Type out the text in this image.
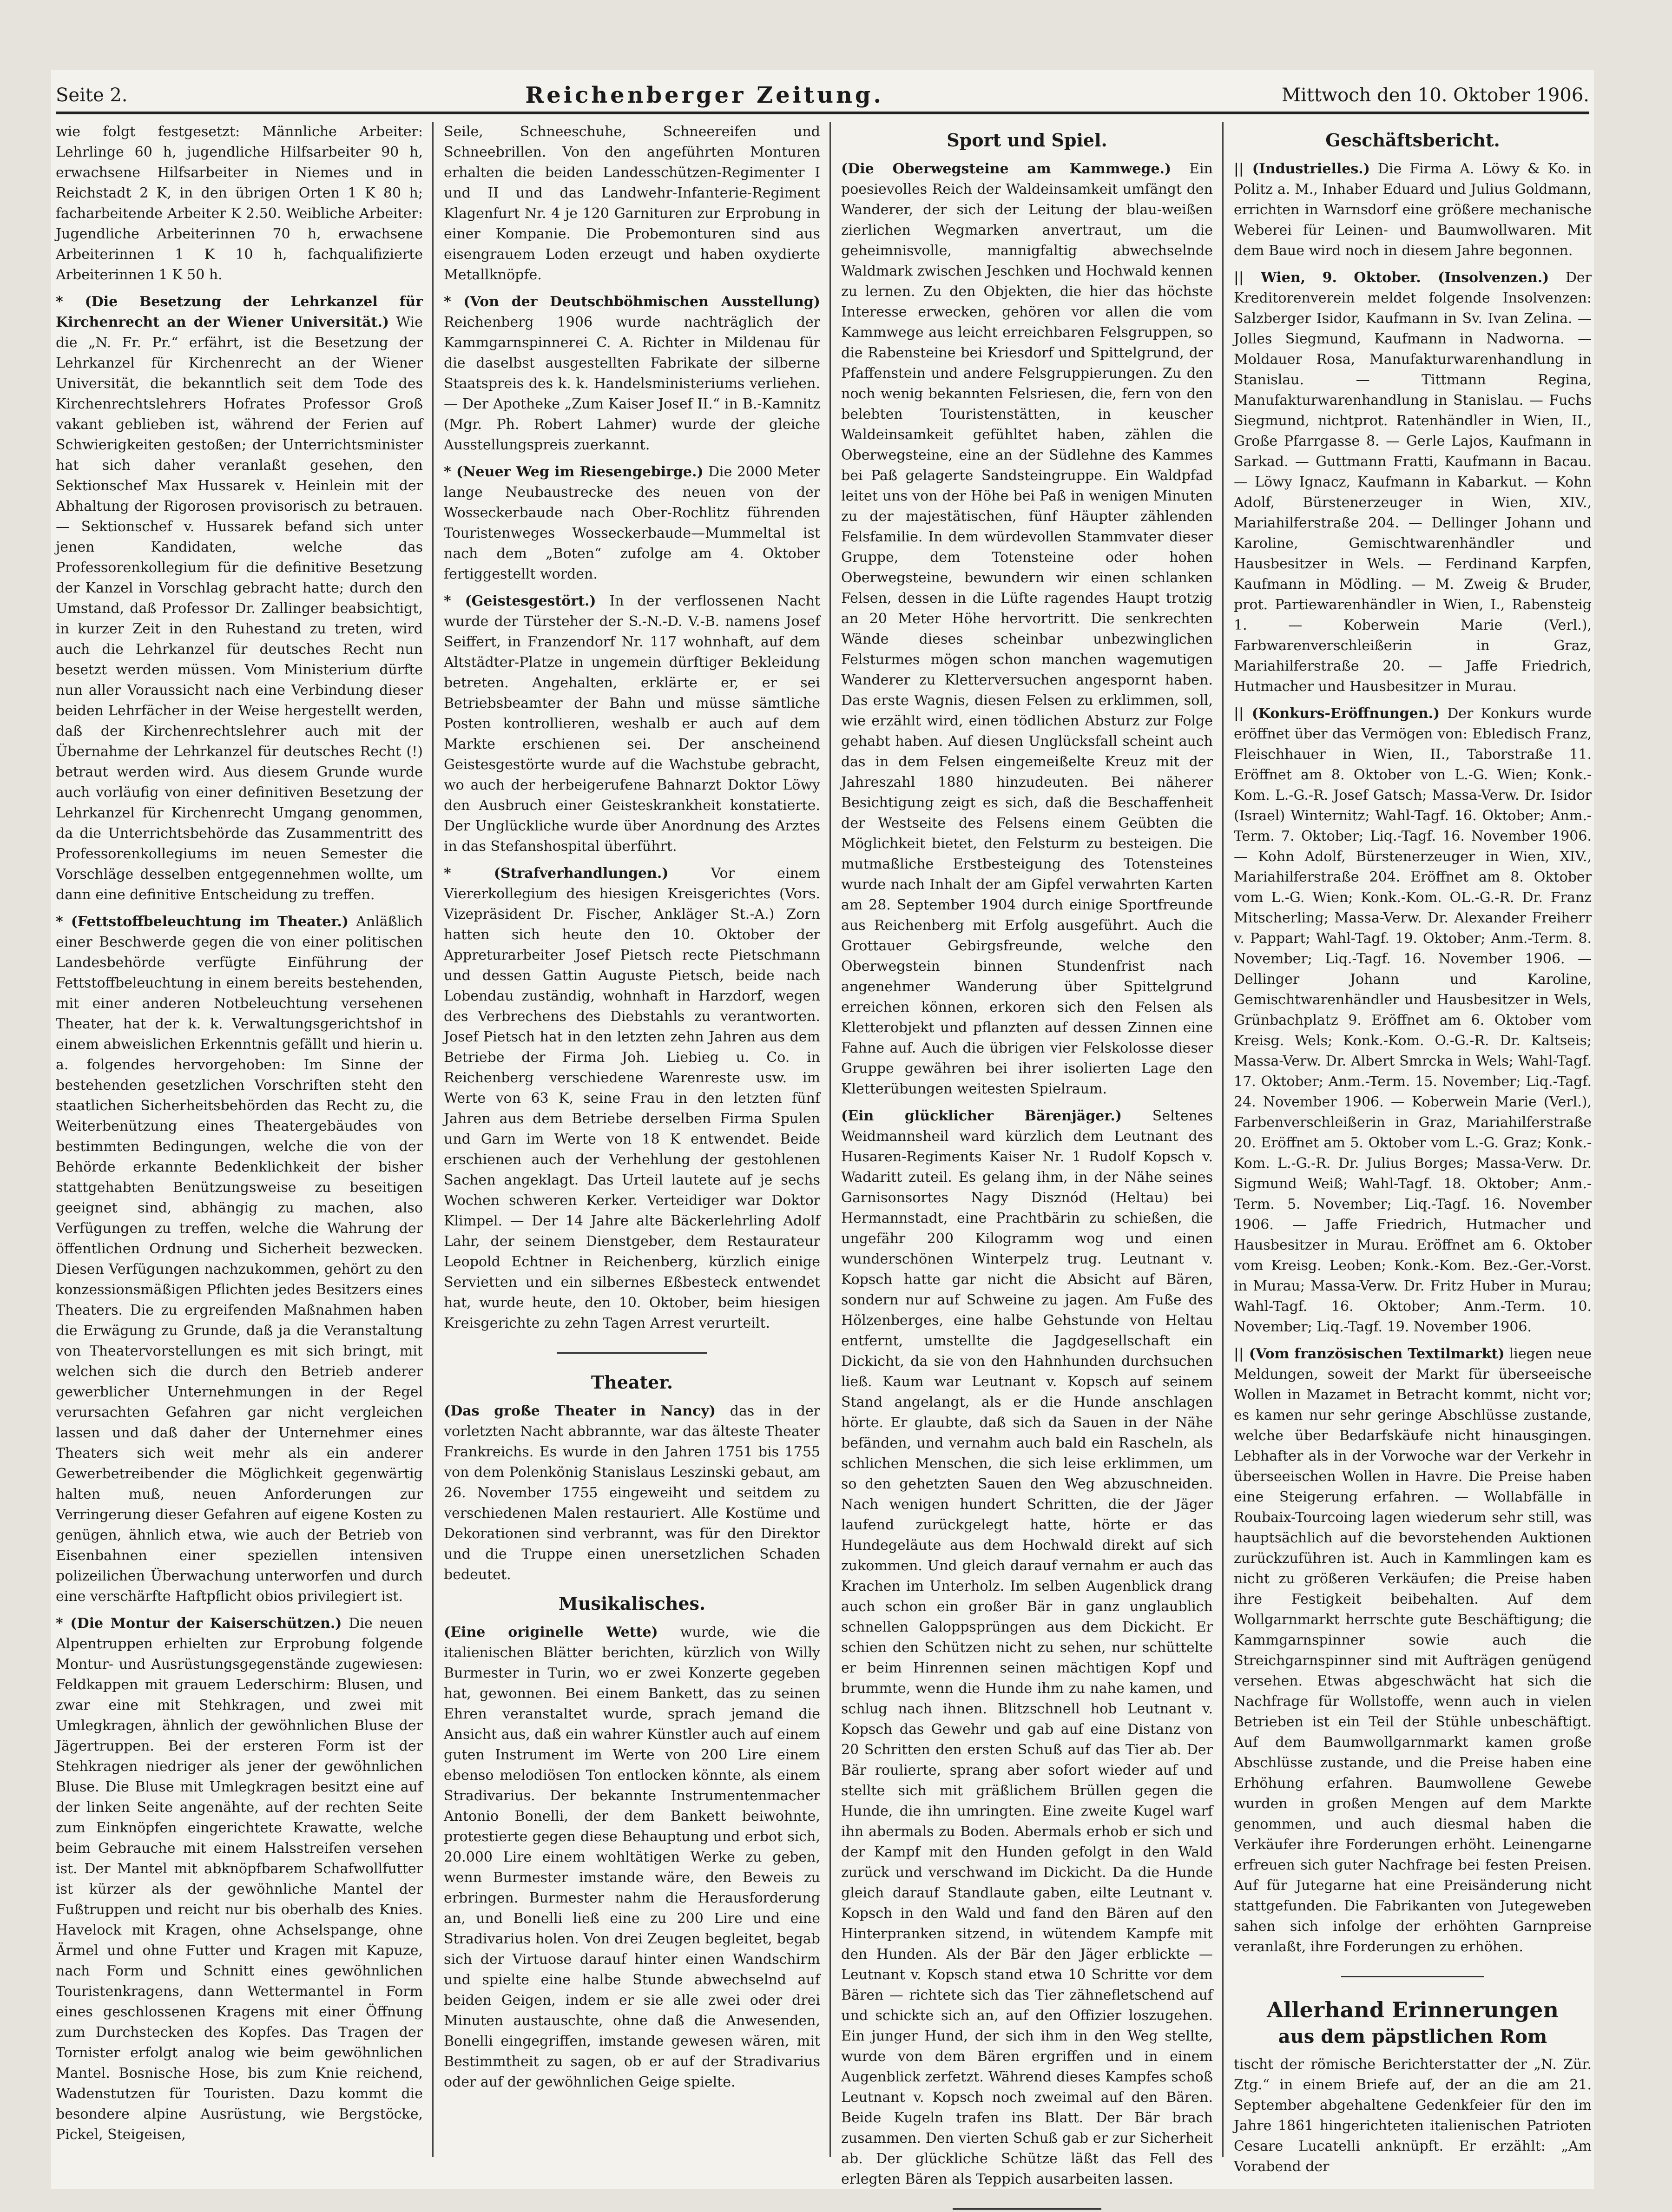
Seite 2.	Reichenberger Zeitung.	Mittwoch den 10. Oktober 1906.

wie folgt festgesetzt: Männliche Arbeiter: Lehrlinge 60 h, jugendliche Hilfsarbeiter 90 h, erwachsene Hilfsarbeiter in Niemes und in Reichstadt 2 K, in den übrigen Orten 1 K 80 h; facharbeitende Arbeiter K 2.50. Weibliche Arbeiter: Jugendliche Arbeiterinnen 70 h, erwachsene Arbeiterinnen 1 K 10 h, fachqualifizierte Arbeiterinnen 1 K 50 h.

* (Die Besetzung der Lehrkanzel für Kirchenrecht an der Wiener Universität.) Wie die „N. Fr. Pr.“ erfährt, ist die Besetzung der Lehrkanzel für Kirchenrecht an der Wiener Universität, die bekanntlich seit dem Tode des Kirchenrechtslehrers Hofrates Professor Groß vakant geblieben ist, während der Ferien auf Schwierigkeiten gestoßen; der Unterrichtsminister hat sich daher veranlaßt gesehen, den Sektionschef Max Hussarek v. Heinlein mit der Abhaltung der Rigorosen provisorisch zu betrauen. — Sektionschef v. Hussarek befand sich unter jenen Kandidaten, welche das Professorenkollegium für die definitive Besetzung der Kanzel in Vorschlag gebracht hatte; durch den Umstand, daß Professor Dr. Zallinger beabsichtigt, in kurzer Zeit in den Ruhestand zu treten, wird auch die Lehrkanzel für deutsches Recht nun besetzt werden müssen. Vom Ministerium dürfte nun aller Voraussicht nach eine Verbindung dieser beiden Lehrfächer in der Weise hergestellt werden, daß der Kirchenrechtslehrer auch mit der Übernahme der Lehrkanzel für deutsches Recht (!) betraut werden wird. Aus diesem Grunde wurde auch vorläufig von einer definitiven Besetzung der Lehrkanzel für Kirchenrecht Umgang genommen, da die Unterrichtsbehörde das Zusammentritt des Professorenkollegiums im neuen Semester die Vorschläge desselben entgegennehmen wollte, um dann eine definitive Entscheidung zu treffen.

* (Fettstoffbeleuchtung im Theater.) Anläßlich einer Beschwerde gegen die von einer politischen Landesbehörde verfügte Einführung der Fettstoffbeleuchtung in einem bereits bestehenden, mit einer anderen Notbeleuchtung versehenen Theater, hat der k. k. Verwaltungsgerichtshof in einem abweislichen Erkenntnis gefällt und hierin u. a. folgendes hervorgehoben: Im Sinne der bestehenden gesetzlichen Vorschriften steht den staatlichen Sicherheitsbehörden das Recht zu, die Weiterbenützung eines Theatergebäudes von bestimmten Bedingungen, welche die von der Behörde erkannte Bedenklichkeit der bisher stattgehabten Benützungsweise zu beseitigen geeignet sind, abhängig zu machen, also Verfügungen zu treffen, welche die Wahrung der öffentlichen Ordnung und Sicherheit bezwecken. Diesen Verfügungen nachzukommen, gehört zu den konzessionsmäßigen Pflichten jedes Besitzers eines Theaters. Die zu ergreifenden Maßnahmen haben die Erwägung zu Grunde, daß ja die Veranstaltung von Theatervorstellungen es mit sich bringt, mit welchen sich die durch den Betrieb anderer gewerblicher Unternehmungen in der Regel verursachten Gefahren gar nicht vergleichen lassen und daß daher der Unternehmer eines Theaters sich weit mehr als ein anderer Gewerbetreibender die Möglichkeit gegenwärtig halten muß, neuen Anforderungen zur Verringerung dieser Gefahren auf eigene Kosten zu genügen, ähnlich etwa, wie auch der Betrieb von Eisenbahnen einer speziellen intensiven polizeilichen Überwachung unterworfen und durch eine verschärfte Haftpflicht obios privilegiert ist.

* (Die Montur der Kaiserschützen.) Die neuen Alpentruppen erhielten zur Erprobung folgende Montur- und Ausrüstungsgegenstände zugewiesen: Feldkappen mit grauem Lederschirm: Blusen, und zwar eine mit Stehkragen, und zwei mit Umlegkragen, ähnlich der gewöhnlichen Bluse der Jägertruppen. Bei der ersteren Form ist der Stehkragen niedriger als jener der gewöhnlichen Bluse. Die Bluse mit Umlegkragen besitzt eine auf der linken Seite angenähte, auf der rechten Seite zum Einknöpfen eingerichtete Krawatte, welche beim Gebrauche mit einem Halsstreifen versehen ist. Der Mantel mit abknöpfbarem Schafwollfutter ist kürzer als der gewöhnliche Mantel der Fußtruppen und reicht nur bis oberhalb des Knies. Havelock mit Kragen, ohne Achselspange, ohne Ärmel und ohne Futter und Kragen mit Kapuze, nach Form und Schnitt eines gewöhnlichen Touristenkragens, dann Wettermantel in Form eines geschlossenen Kragens mit einer Öffnung zum Durchstecken des Kopfes. Das Tragen der Tornister erfolgt analog wie beim gewöhnlichen Mantel. Bosnische Hose, bis zum Knie reichend, Wadenstutzen für Touristen. Dazu kommt die besondere alpine Ausrüstung, wie Bergstöcke, Pickel, Steigeisen,

Seile, Schneeschuhe, Schneereifen und Schneebrillen. Von den angeführten Monturen erhalten die beiden Landesschützen-Regimenter I und II und das Landwehr-Infanterie-Regiment Klagenfurt Nr. 4 je 120 Garnituren zur Erprobung in einer Kompanie. Die Probemonturen sind aus eisengrauem Loden erzeugt und haben oxydierte Metallknöpfe.

* (Von der Deutschböhmischen Ausstellung) Reichenberg 1906 wurde nachträglich der Kammgarnspinnerei C. A. Richter in Mildenau für die daselbst ausgestellten Fabrikate der silberne Staatspreis des k. k. Handelsministeriums verliehen. — Der Apotheke „Zum Kaiser Josef II.“ in B.-Kamnitz (Mgr. Ph. Robert Lahmer) wurde der gleiche Ausstellungspreis zuerkannt.

* (Neuer Weg im Riesengebirge.) Die 2000 Meter lange Neubaustrecke des neuen von der Wosseckerbaude nach Ober-Rochlitz führenden Touristenweges Wosseckerbaude—Mummeltal ist nach dem „Boten“ zufolge am 4. Oktober fertiggestellt worden.

* (Geistesgestört.) In der verflossenen Nacht wurde der Türsteher der S.-N.-D. V.-B. namens Josef Seiffert, in Franzendorf Nr. 117 wohnhaft, auf dem Altstädter-Platze in ungemein dürftiger Bekleidung betreten. Angehalten, erklärte er, er sei Betriebsbeamter der Bahn und müsse sämtliche Posten kontrollieren, weshalb er auch auf dem Markte erschienen sei. Der anscheinend Geistesgestörte wurde auf die Wachstube gebracht, wo auch der herbeigerufene Bahnarzt Doktor Löwy den Ausbruch einer Geisteskrankheit konstatierte. Der Unglückliche wurde über Anordnung des Arztes in das Stefanshospital überführt.

* (Strafverhandlungen.)	Vor einem Viererkollegium des hiesigen Kreisgerichtes (Vors. Vizepräsident Dr. Fischer, Ankläger St.-A.) Zorn hatten sich heute den 10. Oktober der Appreturarbeiter Josef Pietsch recte Pietschmann und dessen Gattin Auguste Pietsch, beide nach Lobendau zuständig, wohnhaft in Harzdorf, wegen des Verbrechens des Diebstahls zu verantworten. Josef Pietsch hat in den letzten zehn Jahren aus dem Betriebe der Firma Joh. Liebieg u. Co. in Reichenberg verschiedene Warenreste usw. im Werte von 63 K, seine Frau in den letzten fünf Jahren aus dem Betriebe derselben Firma Spulen und Garn im Werte von 18 K entwendet. Beide erschienen auch der Verhehlung der gestohlenen Sachen angeklagt. Das Urteil lautete auf je sechs Wochen schweren Kerker. Verteidiger war Doktor Klimpel. — Der 14 Jahre alte Bäckerlehrling Adolf Lahr, der seinem Dienstgeber, dem Restaurateur Leopold Echtner in Reichenberg, kürzlich einige Servietten und ein silbernes Eßbesteck entwendet hat, wurde heute, den 10. Oktober, beim hiesigen Kreisgerichte zu zehn Tagen Arrest verurteilt.

Theater.

(Das große Theater in Nancy) das in der vorletzten Nacht abbrannte, war das älteste Theater Frankreichs. Es wurde in den Jahren 1751 bis 1755 von dem Polenkönig Stanislaus Leszinski gebaut, am 26. November 1755 eingeweiht und seitdem zu verschiedenen Malen restauriert. Alle Kostüme und Dekorationen sind verbrannt, was für den Direktor und die Truppe einen unersetzlichen Schaden bedeutet.

Musikalisches.

(Eine originelle Wette) wurde, wie die italienischen Blätter berichten, kürzlich von Willy Burmester in Turin, wo er zwei Konzerte gegeben hat, gewonnen. Bei einem Bankett, das zu seinen Ehren veranstaltet wurde, sprach jemand die Ansicht aus, daß ein wahrer Künstler auch auf einem guten Instrument im Werte von 200 Lire einem ebenso melodiösen Ton entlocken könnte, als einem Stradivarius. Der bekannte Instrumentenmacher Antonio Bonelli, der dem Bankett beiwohnte, protestierte gegen diese Behauptung und erbot sich, 20.000 Lire einem wohltätigen Werke zu geben, wenn Burmester imstande wäre, den Beweis zu erbringen. Burmester nahm die Herausforderung an, und Bonelli ließ eine zu 200 Lire und eine Stradivarius holen. Von drei Zeugen begleitet, begab sich der Virtuose darauf hinter einen Wandschirm und spielte eine halbe Stunde abwechselnd auf beiden Geigen, indem er sie alle zwei oder drei Minuten austauschte, ohne daß die Anwesenden, Bonelli eingegriffen, imstande gewesen wären, mit Bestimmtheit zu sagen, ob er auf der Stradivarius oder auf der gewöhnlichen Geige spielte.

Sport und Spiel.

(Die Oberwegsteine am Kammwege.) Ein poesievolles Reich der Waldeinsamkeit umfängt den Wanderer, der sich der Leitung der blau-weißen zierlichen Wegmarken anvertraut, um die geheimnisvolle, mannigfaltig abwechselnde Waldmark zwischen Jeschken und Hochwald kennen zu lernen. Zu den Objekten, die hier das höchste Interesse erwecken, gehören vor allen die vom Kammwege aus leicht erreichbaren Felsgruppen, so die Rabensteine bei Kriesdorf und Spittelgrund, der Pfaffenstein und andere Felsgruppierungen. Zu den noch wenig bekannten Felsriesen, die, fern von den belebten Touristenstätten, in keuscher Waldeinsamkeit gefühltet haben, zählen die Oberwegsteine, eine an der Südlehne des Kammes bei Paß gelagerte Sandsteingruppe. Ein Waldpfad leitet uns von der Höhe bei Paß in wenigen Minuten zu der majestätischen, fünf Häupter zählenden Felsfamilie. In dem würdevollen Stammvater dieser Gruppe, dem Totensteine oder hohen Oberwegsteine, bewundern wir einen schlanken Felsen, dessen in die Lüfte ragendes Haupt trotzig an 20 Meter Höhe hervortritt. Die senkrechten Wände dieses scheinbar unbezwinglichen Felsturmes mögen schon manchen wagemutigen Wanderer zu Kletterversuchen angespornt haben. Das erste Wagnis, diesen Felsen zu erklimmen, soll, wie erzählt wird, einen tödlichen Absturz zur Folge gehabt haben. Auf diesen Unglücksfall scheint auch das in dem Felsen eingemeißelte Kreuz mit der Jahreszahl 1880 hinzudeuten. Bei näherer Besichtigung zeigt es sich, daß die Beschaffenheit der Westseite des Felsens einem Geübten die Möglichkeit bietet, den Felsturm zu besteigen. Die mutmaßliche Erstbesteigung des Totensteines wurde nach Inhalt der am Gipfel verwahrten Karten am 28. September 1904 durch einige Sportfreunde aus Reichenberg mit Erfolg ausgeführt. Auch die Grottauer Gebirgsfreunde, welche den Oberwegstein binnen Stundenfrist nach angenehmer Wanderung über Spittelgrund erreichen können, erkoren sich den Felsen als Kletterobjekt und pflanzten auf dessen Zinnen eine Fahne auf. Auch die übrigen vier Felskolosse dieser Gruppe gewähren bei ihrer isolierten Lage den Kletterübungen weitesten Spielraum.

(Ein glücklicher Bärenjäger.) Seltenes Weidmannsheil ward kürzlich dem Leutnant des Husaren-Regiments Kaiser Nr. 1 Rudolf Kopsch v. Wadaritt zuteil. Es gelang ihm, in der Nähe seines Garnisonsortes Nagy Disznód (Heltau) bei Hermannstadt, eine Prachtbärin zu schießen, die ungefähr 200 Kilogramm wog und einen wunderschönen Winterpelz trug. Leutnant v. Kopsch hatte gar nicht die Absicht auf Bären, sondern nur auf Schweine zu jagen. Am Fuße des Hölzenberges, eine halbe Gehstunde von Heltau entfernt, umstellte die Jagdgesellschaft ein Dickicht, da sie von den Hahnhunden durchsuchen ließ. Kaum war Leutnant v. Kopsch auf seinem Stand angelangt, als er die Hunde anschlagen hörte. Er glaubte, daß sich da Sauen in der Nähe befänden, und vernahm auch bald ein Rascheln, als schlichen Menschen, die sich leise erklimmen, um so den gehetzten Sauen den Weg abzuschneiden. Nach wenigen hundert Schritten, die der Jäger laufend zurückgelegt hatte, hörte er das Hundegeläute aus dem Hochwald direkt auf sich zukommen. Und gleich darauf vernahm er auch das Krachen im Unterholz. Im selben Augenblick drang auch schon ein großer Bär in ganz unglaublich schnellen Galoppsprüngen aus dem Dickicht. Er schien den Schützen nicht zu sehen, nur schüttelte er beim Hinrennen seinen mächtigen Kopf und brummte, wenn die Hunde ihm zu nahe kamen, und schlug nach ihnen. Blitzschnell hob Leutnant v. Kopsch das Gewehr und gab auf eine Distanz von 20 Schritten den ersten Schuß auf das Tier ab. Der Bär roulierte, sprang aber sofort wieder auf und stellte sich mit gräßlichem Brüllen gegen die Hunde, die ihn umringten. Eine zweite Kugel warf ihn abermals zu Boden. Abermals erhob er sich und der Kampf mit den Hunden gefolgt in den Wald zurück und verschwand im Dickicht. Da die Hunde gleich darauf Standlaute gaben, eilte Leutnant v. Kopsch in den Wald und fand den Bären auf den Hinterpranken sitzend, in wütendem Kampfe mit den Hunden. Als der Bär den Jäger erblickte — Leutnant v. Kopsch stand etwa 10 Schritte vor dem Bären — richtete sich das Tier zähnefletschend auf und schickte sich an, auf den Offizier loszugehen. Ein junger Hund, der sich ihm in den Weg stellte, wurde von dem Bären ergriffen und in einem Augenblick zerfetzt. Während dieses Kampfes schoß Leutnant v. Kopsch noch zweimal auf den Bären. Beide Kugeln trafen ins Blatt. Der Bär brach zusammen. Den vierten Schuß gab er zur Sicherheit ab. Der glückliche Schütze läßt das Fell des erlegten Bären als Teppich ausarbeiten lassen.

Geschäftsbericht.

|| (Industrielles.) Die Firma A. Löwy & Ko. in Politz a. M., Inhaber Eduard und Julius Goldmann, errichten in Warnsdorf eine größere mechanische Weberei für Leinen- und Baumwollwaren. Mit dem Baue wird noch in diesem Jahre begonnen.

|| Wien, 9. Oktober. (Insolvenzen.) Der Kreditorenverein meldet folgende Insolvenzen: Salzberger Isidor, Kaufmann in Sv. Ivan Zelina. — Jolles Siegmund, Kaufmann in Nadworna. — Moldauer Rosa, Manufakturwarenhandlung in Stanislau. — Tittmann Regina, Manufakturwarenhandlung in Stanislau. — Fuchs Siegmund, nichtprot. Ratenhändler in Wien, II., Große Pfarrgasse 8. — Gerle Lajos, Kaufmann in Sarkad. — Guttmann Fratti, Kaufmann in Bacau. — Löwy Ignacz, Kaufmann in Kabarkut. — Kohn Adolf, Bürstenerzeuger in Wien, XIV., Mariahilferstraße 204. — Dellinger Johann und Karoline, Gemischtwarenhändler und Hausbesitzer in Wels. — Ferdinand Karpfen, Kaufmann in Mödling. — M. Zweig & Bruder, prot. Partiewarenhändler in Wien, I., Rabensteig 1. — Koberwein Marie (Verl.), Farbwarenverschleißerin in Graz, Mariahilferstraße 20. — Jaffe Friedrich, Hutmacher und Hausbesitzer in Murau.

|| (Konkurs-Eröffnungen.) Der Konkurs wurde eröffnet über das Vermögen von: Ebledisch Franz, Fleischhauer in Wien, II., Taborstraße 11. Eröffnet am 8. Oktober von L.-G. Wien; Konk.-Kom. L.-G.-R. Josef Gatsch; Massa-Verw. Dr. Isidor (Israel) Winternitz; Wahl-Tagf. 16. Oktober; Anm.-Term. 7. Oktober; Liq.-Tagf. 16. November 1906. — Kohn Adolf, Bürstenerzeuger in Wien, XIV., Mariahilferstraße 204. Eröffnet am 8. Oktober vom L.-G. Wien; Konk.-Kom. OL.-G.-R. Dr. Franz Mitscherling; Massa-Verw. Dr. Alexander Freiherr v. Pappart; Wahl-Tagf. 19. Oktober; Anm.-Term. 8. November; Liq.-Tagf. 16. November 1906. — Dellinger Johann und Karoline, Gemischtwarenhändler und Hausbesitzer in Wels, Grünbachplatz 9. Eröffnet am 6. Oktober vom Kreisg. Wels; Konk.-Kom. O.-G.-R. Dr. Kaltseis; Massa-Verw. Dr. Albert Smrcka in Wels; Wahl-Tagf. 17. Oktober; Anm.-Term. 15. November; Liq.-Tagf. 24. November 1906. — Koberwein Marie (Verl.), Farbenverschleißerin in Graz, Mariahilferstraße 20. Eröffnet am 5. Oktober vom L.-G. Graz; Konk.-Kom. L.-G.-R. Dr. Julius Borges; Massa-Verw. Dr. Sigmund Weiß; Wahl-Tagf. 18. Oktober; Anm.-Term. 5. November; Liq.-Tagf. 16. November 1906. — Jaffe Friedrich, Hutmacher und Hausbesitzer in Murau. Eröffnet am 6. Oktober vom Kreisg. Leoben; Konk.-Kom. Bez.-Ger.-Vorst. in Murau; Massa-Verw. Dr. Fritz Huber in Murau; Wahl-Tagf. 16. Oktober; Anm.-Term. 10. November; Liq.-Tagf. 19. November 1906.

|| (Vom französischen Textilmarkt) liegen neue Meldungen, soweit der Markt für überseeische Wollen in Mazamet in Betracht kommt, nicht vor; es kamen nur sehr geringe Abschlüsse zustande, welche über Bedarfskäufe nicht hinausgingen. Lebhafter als in der Vorwoche war der Verkehr in überseeischen Wollen in Havre. Die Preise haben eine Steigerung erfahren. — Wollabfälle in Roubaix-Tourcoing lagen wiederum sehr still, was hauptsächlich auf die bevorstehenden Auktionen zurückzuführen ist. Auch in Kammlingen kam es nicht zu größeren Verkäufen; die Preise haben ihre Festigkeit beibehalten. Auf dem Wollgarnmarkt herrschte gute Beschäftigung; die Kammgarnspinner sowie auch die Streichgarnspinner sind mit Aufträgen genügend versehen. Etwas abgeschwächt hat sich die Nachfrage für Wollstoffe, wenn auch in vielen Betrieben ist ein Teil der Stühle unbeschäftigt. Auf dem Baumwollgarnmarkt kamen große Abschlüsse zustande, und die Preise haben eine Erhöhung erfahren. Baumwollene Gewebe wurden in großen Mengen auf dem Markte genommen, und auch diesmal haben die Verkäufer ihre Forderungen erhöht. Leinengarne erfreuen sich guter Nachfrage bei festen Preisen. Auf für Jutegarne hat eine Preisänderung nicht stattgefunden. Die Fabrikanten von Jutegeweben sahen sich infolge der erhöhten Garnpreise veranlaßt, ihre Forderungen zu erhöhen.

Allerhand Erinnerungen
aus dem päpstlichen Rom

tischt der römische Berichterstatter der „N. Zür. Ztg.“ in einem Briefe auf, der an die am 21. September abgehaltene Gedenkfeier für den im Jahre 1861 hingerichteten italienischen Patrioten Cesare Lucatelli anknüpft. Er erzählt: „Am Vorabend der
